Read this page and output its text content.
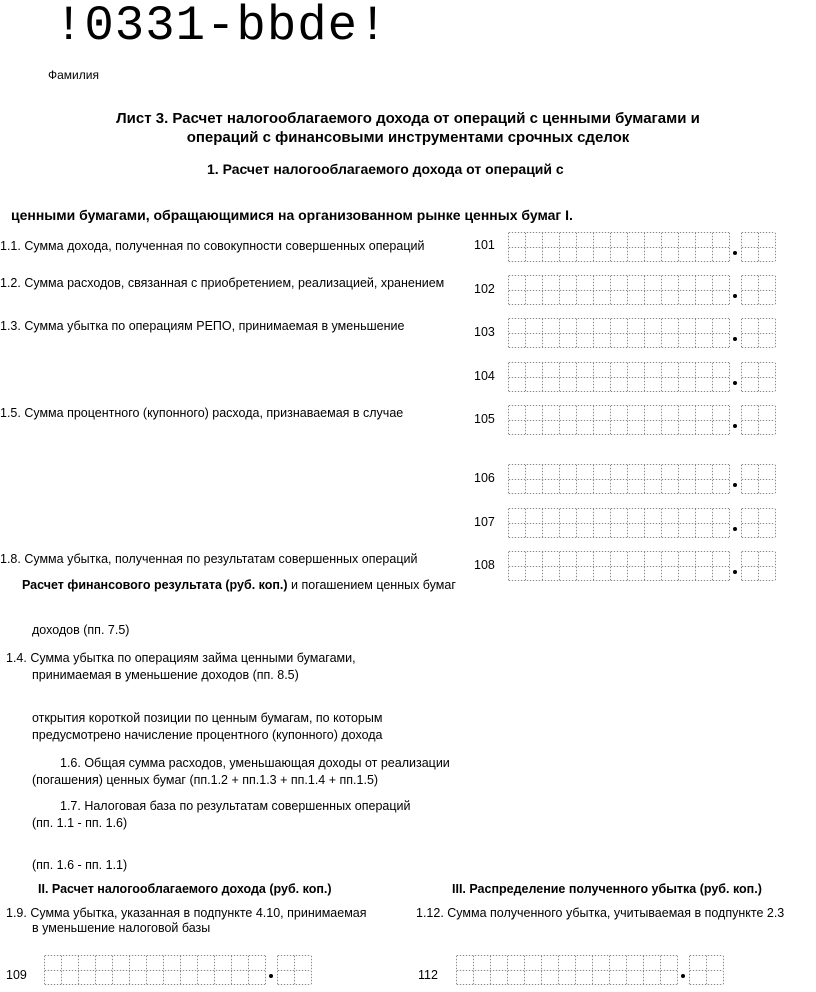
!0331-bbde!
Фамилия
Лист 3. Расчет налогооблагаемого дохода от операций с ценными бумагами и
операций с финансовыми инструментами срочных сделок
1. Расчет налогооблагаемого дохода от операций с
ценными бумагами, обращающимися на организованном рынке ценных бумаг I.
1.1. Сумма дохода, полученная по совокупности совершенных операций
1.2. Сумма расходов, связанная с приобретением, реализацией, хранением
1.3. Сумма убытка по операциям РЕПО, принимаемая в уменьшение
1.5. Сумма процентного (купонного) расхода, признаваемая в случае
1.8. Сумма убытка, полученная по результатам совершенных операций
101
102
103
104
105
106
107
108
Расчет финансового результата (руб. коп.) и погашением ценных бумаг
доходов (пп. 7.5)
1.4. Сумма убытка по операциям займа ценными бумагами,
принимаемая в уменьшение доходов (пп. 8.5)
открытия короткой позиции по ценным бумагам, по которым
предусмотрено начисление процентного (купонного) дохода
1.6. Общая сумма расходов, уменьшающая доходы от реализации
(погашения) ценных бумаг (пп.1.2 + пп.1.3 + пп.1.4 + пп.1.5)
1.7. Налоговая база по результатам совершенных операций
(пп. 1.1 - пп. 1.6)
(пп. 1.6 - пп. 1.1)
II. Расчет налогооблагаемого дохода (руб. коп.)	III. Распределение полученного убытка (руб. коп.)
1.9. Сумма убытка, указанная в подпункте 4.10, принимаемая
в уменьшение налоговой базы
1.12. Сумма полученного убытка, учитываемая в подпункте 2.3
109	112
